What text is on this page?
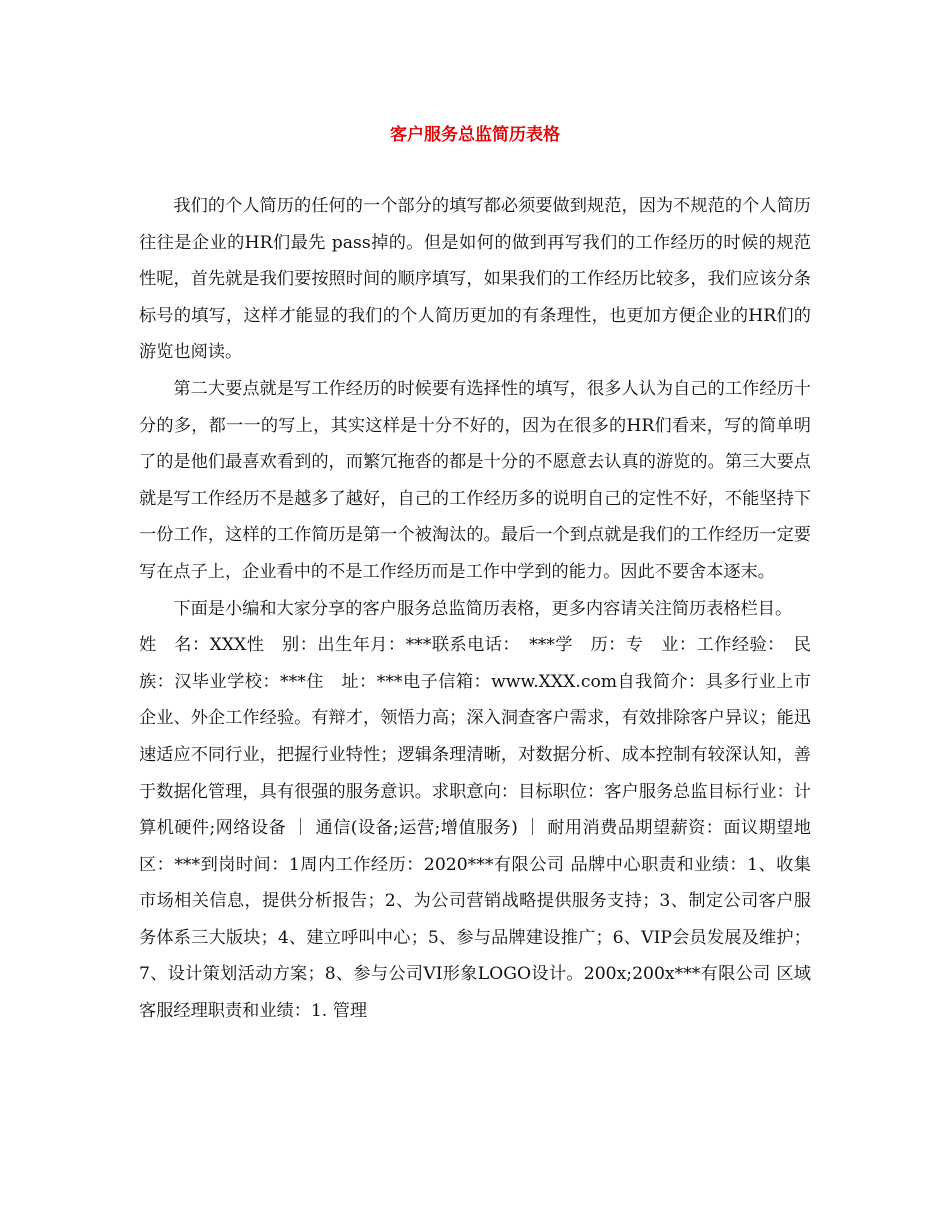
客户服务总监简历表格

我们的个人简历的任何的一个部分的填写都必须要做到规范，因为不规范的个人简历往往是企业的HR们最先 pass掉的。但是如何的做到再写我们的工作经历的时候的规范性呢，首先就是我们要按照时间的顺序填写，如果我们的工作经历比较多，我们应该分条标号的填写，这样才能显的我们的个人简历更加的有条理性，也更加方便企业的HR们的游览也阅读。

第二大要点就是写工作经历的时候要有选择性的填写，很多人认为自己的工作经历十分的多，都一一的写上，其实这样是十分不好的，因为在很多的HR们看来，写的简单明了的是他们最喜欢看到的，而繁冗拖沓的都是十分的不愿意去认真的游览的。第三大要点就是写工作经历不是越多了越好，自己的工作经历多的说明自己的定性不好，不能坚持下一份工作，这样的工作简历是第一个被淘汰的。最后一个到点就是我们的工作经历一定要写在点子上，企业看中的不是工作经历而是工作中学到的能力。因此不要舍本逐末。

下面是小编和大家分享的客户服务总监简历表格，更多内容请关注简历表格栏目。

姓　名：XXX性　别：出生年月：***联系电话：　***学　历：专　业：工作经验：　民族：汉毕业学校：***住　址：***电子信箱：www.XXX.com自我简介：具多行业上市企业、外企工作经验。有辩才，领悟力高；深入洞查客户需求，有效排除客户异议；能迅速适应不同行业，把握行业特性；逻辑条理清晰，对数据分析、成本控制有较深认知，善于数据化管理，具有很强的服务意识。求职意向：目标职位：客户服务总监目标行业：计算机硬件;网络设备 ｜ 通信(设备;运营;增值服务) ｜ 耐用消费品期望薪资：面议期望地区：***到岗时间：1周内工作经历：2020***有限公司 品牌中心职责和业绩：1、收集市场相关信息，提供分析报告；2、为公司营销战略提供服务支持；3、制定公司客户服务体系三大版块；4、建立呼叫中心；5、参与品牌建设推广；6、VIP会员发展及维护；7、设计策划活动方案；8、参与公司VI形象LOGO设计。200x;200x***有限公司 区域客服经理职责和业绩：1. 管理
